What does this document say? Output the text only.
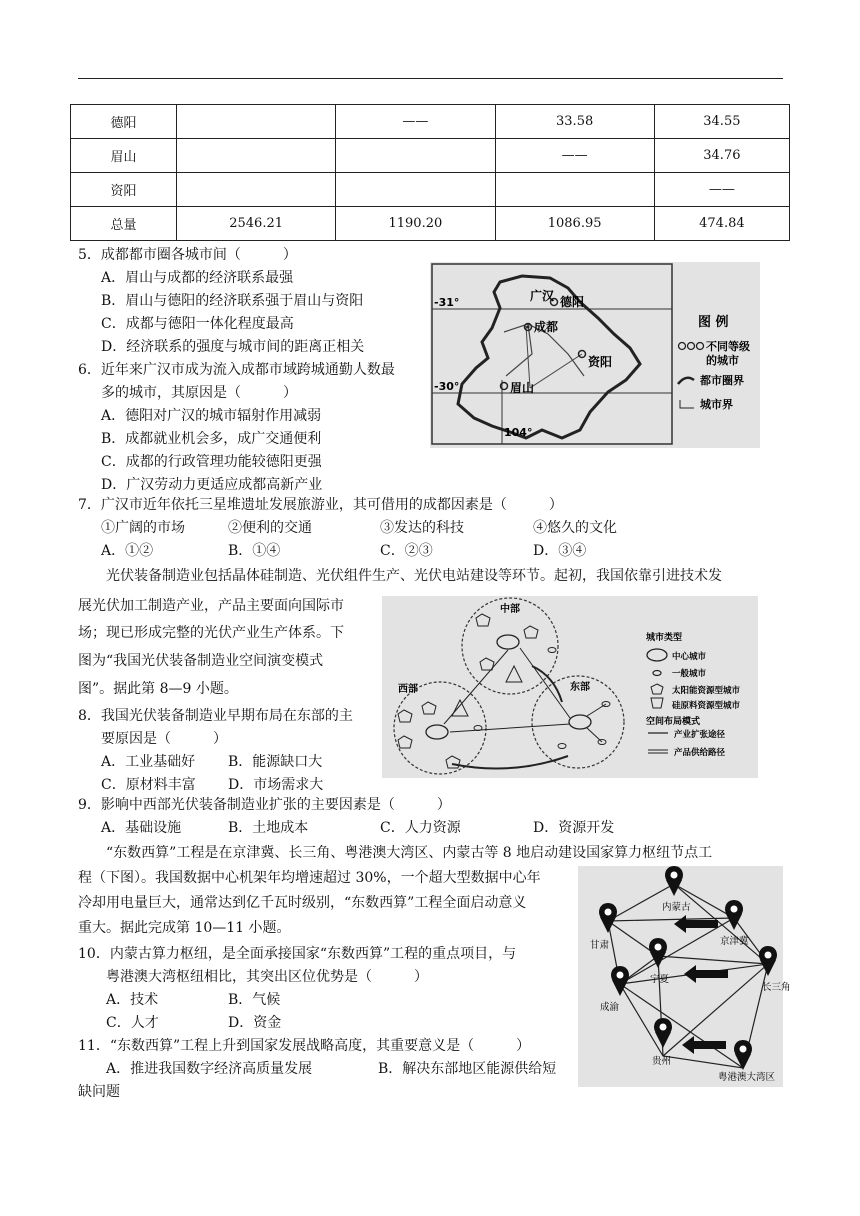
德阳		——	33.58	34.55
眉山			——	34.76
资阳				——
总量	2546.21	1190.20	1086.95	474.84
5．成都都市圈各城市间（　　　）
A．眉山与成都的经济联系最强
B．眉山与德阳的经济联系强于眉山与资阳
C．成都与德阳一体化程度最高
D．经济联系的强度与城市间的距离正相关
6．近年来广汉市成为流入成都市域跨城通勤人数最
多的城市，其原因是（　　　）
A．德阳对广汉的城市辐射作用减弱
B．成都就业机会多，成广交通便利
C．成都的行政管理功能较德阳更强
D．广汉劳动力更适应成都高新产业
-31°
-30°
104°
广汉 德阳
成都
资阳
眉山
图 例
不同等级
的城市
都市圈界
城市界
7．广汉市近年依托三星堆遗址发展旅游业，其可借用的成都因素是（　　　）
①广阔的市场	②便利的交通	③发达的科技	④悠久的文化
A．①②	B．①④	C．②③	D．③④
光伏装备制造业包括晶体硅制造、光伏组件生产、光伏电站建设等环节。起初，我国依靠引进技术发
展光伏加工制造产业，产品主要面向国际市
场；现已形成完整的光伏产业生产体系。下
图为“我国光伏装备制造业空间演变模式
图”。据此第 8—9 小题。
中部
西部	东部
城市类型
中心城市
一般城市
太阳能资源型城市
硅原料资源型城市
空间布局模式
产业扩张途径
产品供给路径
8．我国光伏装备制造业早期布局在东部的主
要原因是（　　　）
A．工业基础好 B．能源缺口大
C．原材料丰富 D．市场需求大
9．影响中西部光伏装备制造业扩张的主要因素是（　　　）
A．基础设施	B．土地成本	C．人力资源	D．资源开发
“东数西算”工程是在京津冀、长三角、粤港澳大湾区、内蒙古等 8 地启动建设国家算力枢纽节点工
程（下图）。我国数据中心机架年均增速超过 30%，一个超大型数据中心年
冷却用电量巨大，通常达到亿千瓦时级别，“东数西算”工程全面启动意义
重大。据此完成第 10—11 小题。
内蒙古
甘肃	京津冀
宁夏
长三角
成渝
贵州
粤港澳大湾区
10．内蒙古算力枢纽，是全面承接国家“东数西算”工程的重点项目，与
粤港澳大湾枢纽相比，其突出区位优势是（　　　）
A．技术	B．气候
C．人才	D．资金
11．“东数西算”工程上升到国家发展战略高度，其重要意义是（　　　）
A．推进我国数字经济高质量发展	B．解决东部地区能源供给短
缺问题
